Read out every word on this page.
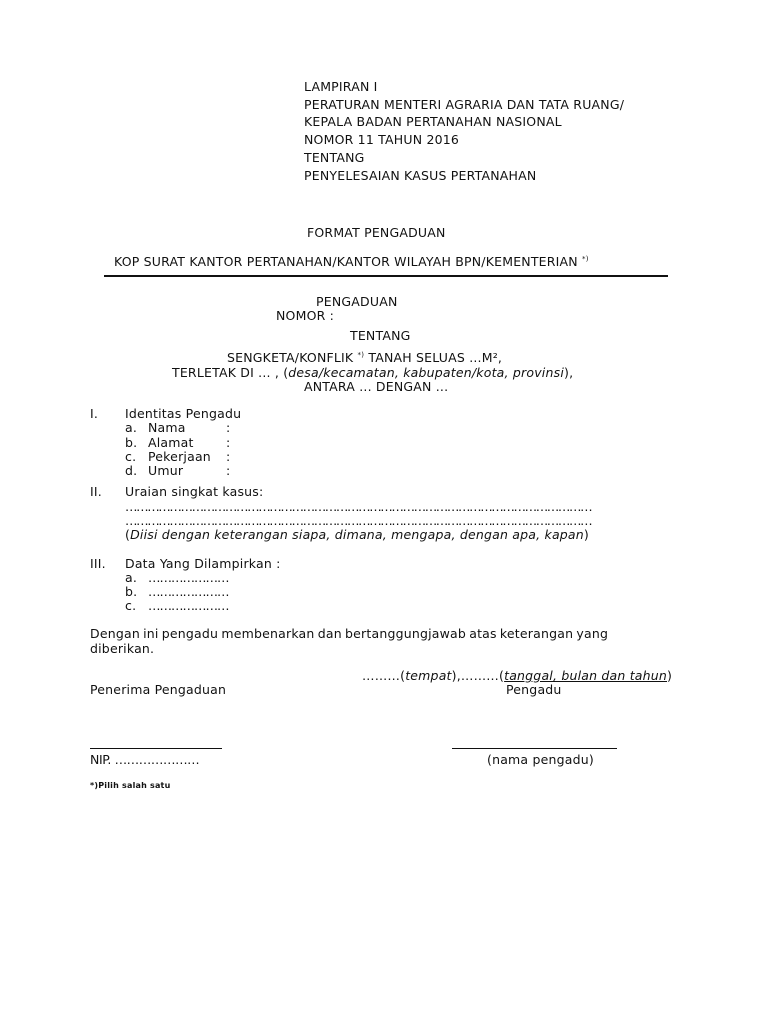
LAMPIRAN I
PERATURAN MENTERI AGRARIA DAN TATA RUANG/
KEPALA BADAN PERTANAHAN NASIONAL
NOMOR 11 TAHUN 2016
TENTANG
PENYELESAIAN KASUS PERTANAHAN
FORMAT PENGADUAN
KOP SURAT KANTOR PERTANAHAN/KANTOR WILAYAH BPN/KEMENTERIAN *)
PENGADUAN
NOMOR :
TENTANG
SENGKETA/KONFLIK *) TANAH SELUAS ...M²,
TERLETAK DI ... , (desa/kecamatan, kabupaten/kota, provinsi),
ANTARA ... DENGAN ...
I. Identitas Pengadu
a. Nama	:
b. Alamat	:
c. Pekerjaan :
d. Umur	:
II. Uraian singkat kasus:
………………………………………………………………………………………………………………
………………………………………………………………………………………………………………
(Diisi dengan keterangan siapa, dimana, mengapa, dengan apa, kapan)
III. Data Yang Dilampirkan :
a. …………………
b. …………………
c. …………………
Dengan ini pengadu membenarkan dan bertanggungjawab atas keterangan yang
diberikan.
………(tempat),………(tanggal, bulan dan tahun)
Penerima Pengaduan	Pengadu
NIP. …………………	(nama pengadu)
*)Pilih salah satu
